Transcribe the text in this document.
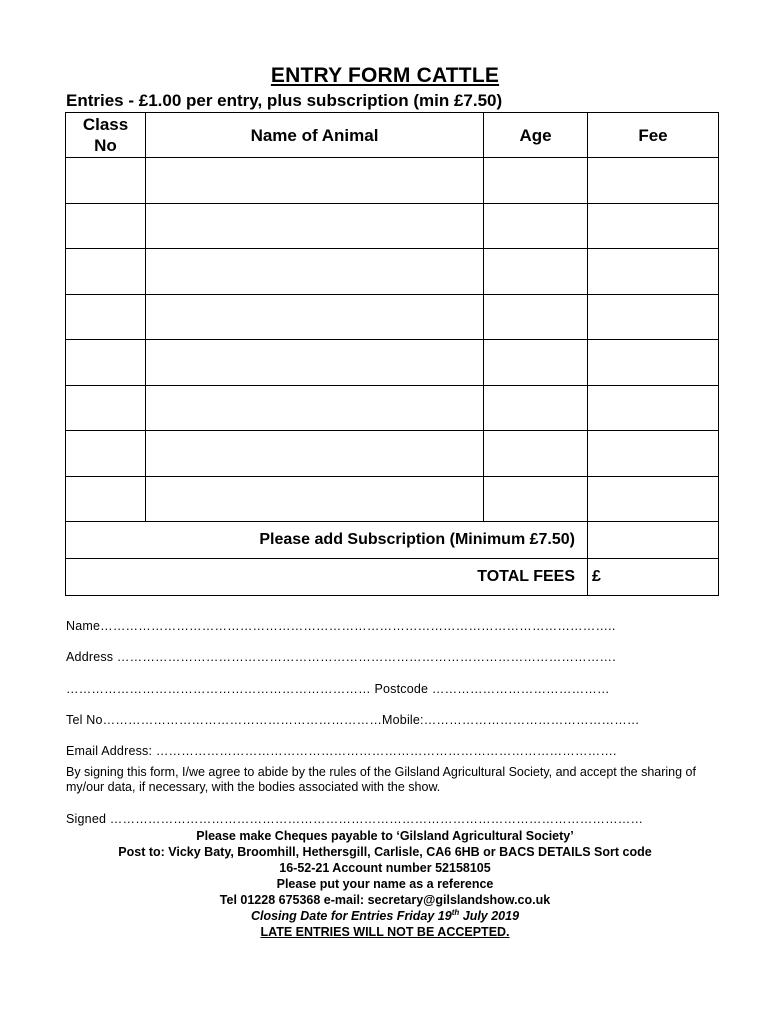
ENTRY FORM CATTLE
Entries - £1.00 per entry, plus subscription (min £7.50)
Class
No	Name of Animal	Age	Fee

Please add Subscription (Minimum £7.50)			
TOTAL FEES			£
Name…………………………………………………………………………………………………………..
Address ……………………………………………………………………………………………………….
……………………………………………………………… Postcode ……………………………………
Tel No…………………………………………………………Mobile:……………………………………………
Email Address: ……………………………………………………………………………………………….
By signing this form, I/we agree to abide by the rules of the Gilsland Agricultural Society, and accept the sharing of my/our data, if necessary, with the bodies associated with the show.
Signed ………………………………………………………………………………………………………………
Please make Cheques payable to ‘Gilsland Agricultural Society’
Post to: Vicky Baty, Broomhill, Hethersgill, Carlisle, CA6 6HB or BACS DETAILS Sort code
16-52-21 Account number 52158105
Please put your name as a reference
Tel 01228 675368 e-mail: secretary@gilslandshow.co.uk
Closing Date for Entries Friday 19th July 2019
LATE ENTRIES WILL NOT BE ACCEPTED.
